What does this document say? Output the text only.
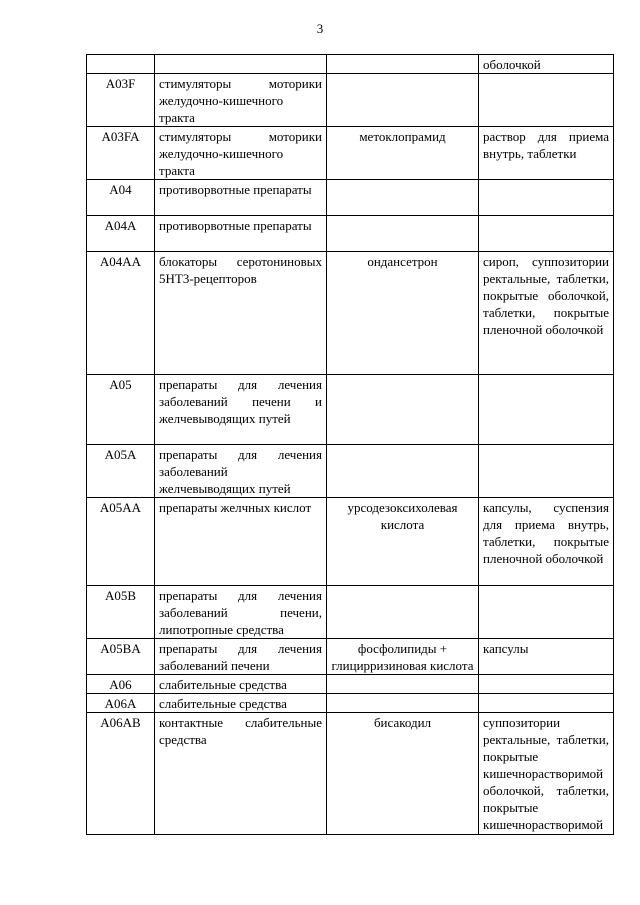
3
			оболочкой
A03F	стимуляторы моторики желудочно-кишечного тракта		
A03FA	стимуляторы моторики желудочно-кишечного тракта	метоклопрамид	раствор для приема внутрь, таблетки
A04	противорвотные препараты		
A04A	противорвотные препараты		
A04AA	блокаторы серотониновых 5HT3-рецепторов	ондансетрон	сироп, суппозитории ректальные, таблетки, покрытые оболочкой, таблетки, покрытые пленочной оболочкой
A05	препараты для лечения заболеваний печени и желчевыводящих путей		
A05A	препараты для лечения заболеваний желчевыводящих путей		
A05AA	препараты желчных кислот	урсодезоксихолевая кислота	капсулы, суспензия для приема внутрь, таблетки, покрытые пленочной оболочкой
A05B	препараты для лечения заболеваний печени, липотропные средства		
A05BA	препараты для лечения заболеваний печени	фосфолипиды + глицирризиновая кислота	капсулы
A06	слабительные средства		
A06A	слабительные средства		
A06AB	контактные слабительные средства	бисакодил	суппозитории ректальные, таблетки, покрытые кишечнорастворимой оболочкой, таблетки, покрытые кишечнорастворимой
